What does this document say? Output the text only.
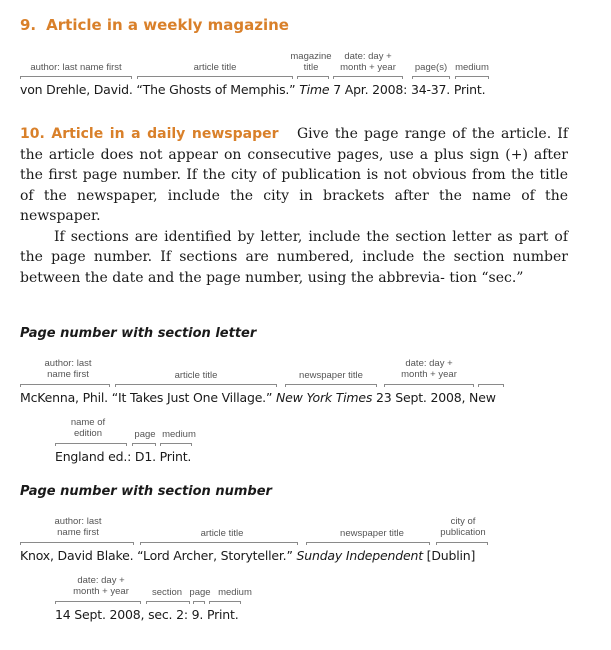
9. Article in a weekly magazine
author: last name first	article title
magazine
title
date: day +
month + year	page(s) medium
von Drehle, David. “The Ghosts of Memphis.” Time 7 Apr. 2008: 34-37. Print.

10. Article in a daily newspaper Give the page range of the article. If the article does not appear on consecutive pages, use a plus sign (+) after the first page number. If the city of publication is not obvious from the title of the newspaper, include the city in brackets after the name of the newspaper.

If sections are identified by letter, include the section letter as part of the page number. If sections are numbered, include the section number between the date and the page number, using the abbrevia- tion “sec.”

Page number with section letter
author: last
name first	article title	newspaper title
date: day +
month + year
McKenna, Phil. “It Takes Just One Village.” New York Times 23 Sept. 2008, New
name of
edition	page medium
England ed.: D1. Print.
Page number with section number
author: last
name first	article title	newspaper title
city of
publication
Knox, David Blake. “Lord Archer, Storyteller.” Sunday Independent [Dublin]
date: day +
month + year	section page medium
14 Sept. 2008, sec. 2: 9. Print.
